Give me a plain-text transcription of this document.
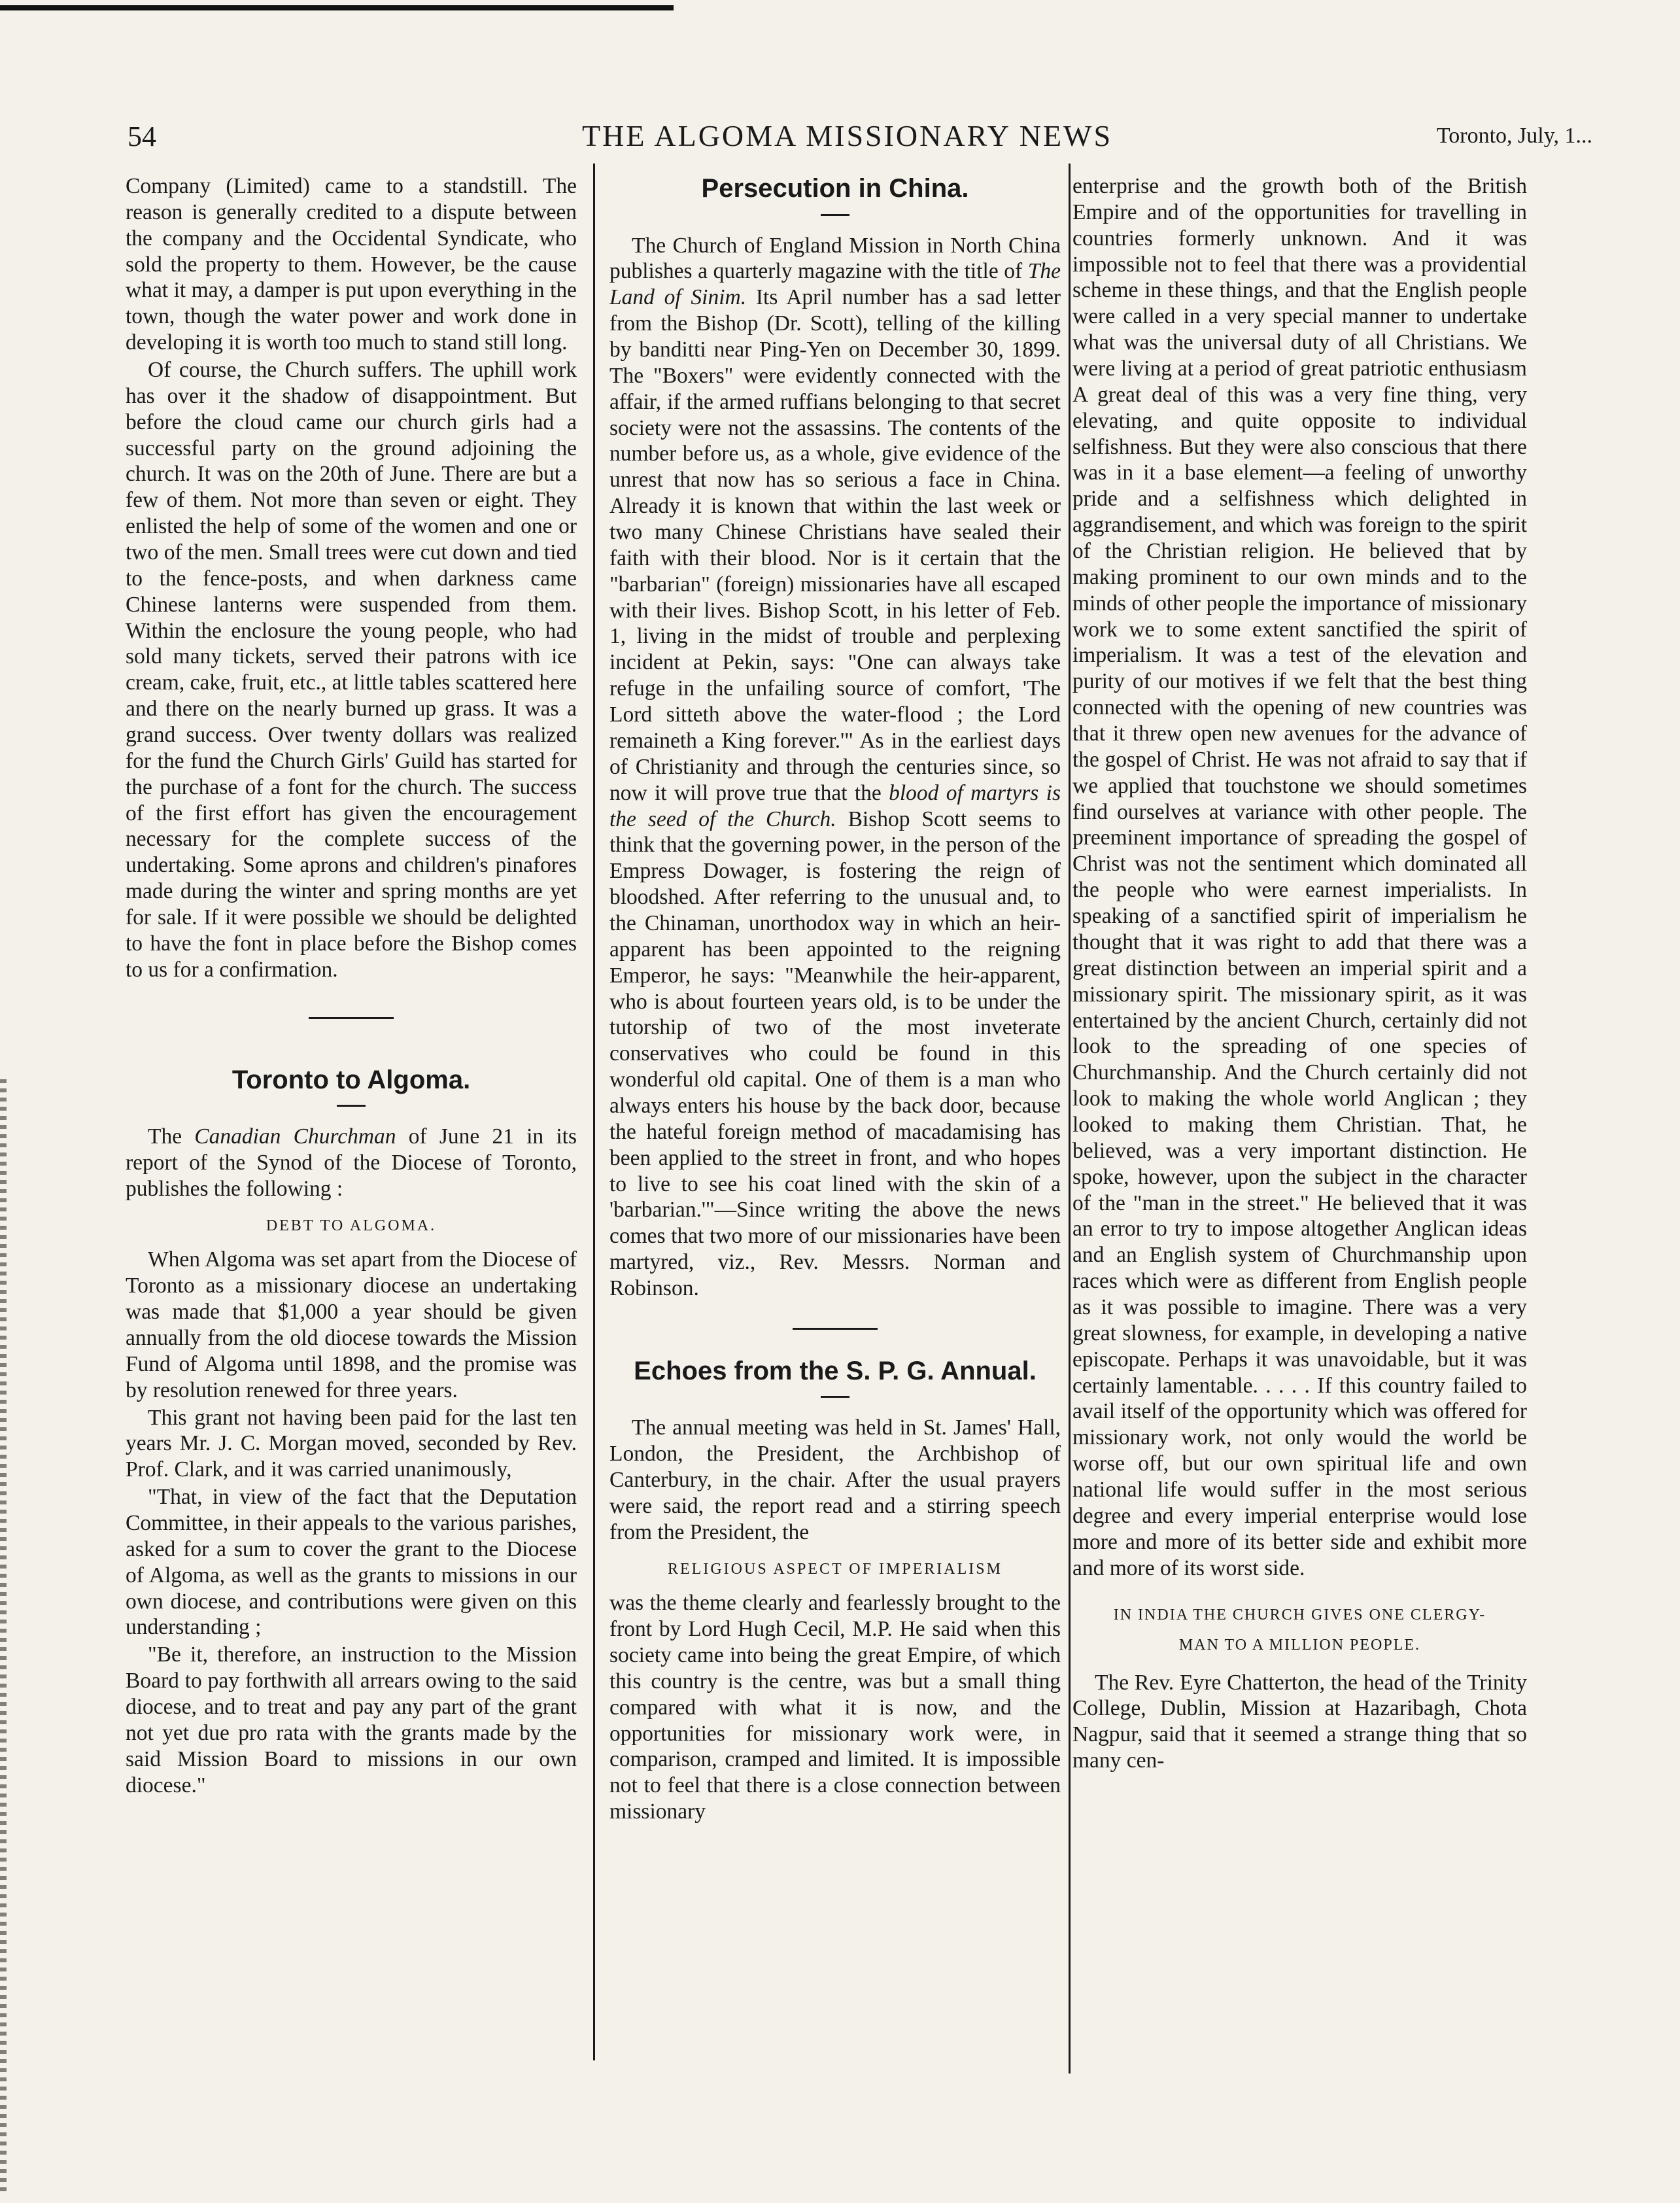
54	THE ALGOMA MISSIONARY NEWS	Toronto, July, 1...

Company (Limited) came to a standstill. The reason is generally credited to a dispute between the company and the Occidental Syndicate, who sold the property to them. However, be the cause what it may, a damper is put upon everything in the town, though the water power and work done in developing it is worth too much to stand still long.

Of course, the Church suffers. The uphill work has over it the shadow of disappointment. But before the cloud came our church girls had a successful party on the ground adjoining the church. It was on the 20th of June. There are but a few of them. Not more than seven or eight. They enlisted the help of some of the women and one or two of the men. Small trees were cut down and tied to the fence-posts, and when darkness came Chinese lanterns were suspended from them. Within the enclosure the young people, who had sold many tickets, served their patrons with ice cream, cake, fruit, etc., at little tables scattered here and there on the nearly burned up grass. It was a grand success. Over twenty dollars was realized for the fund the Church Girls' Guild has started for the purchase of a font for the church. The success of the first effort has given the encouragement necessary for the complete success of the undertaking. Some aprons and children's pinafores made during the winter and spring months are yet for sale. If it were possible we should be delighted to have the font in place before the Bishop comes to us for a confirmation.

Toronto to Algoma.

The Canadian Churchman of June 21 in its report of the Synod of the Diocese of Toronto, publishes the following :

DEBT TO ALGOMA.

When Algoma was set apart from the Diocese of Toronto as a missionary diocese an undertaking was made that $1,000 a year should be given annually from the old diocese towards the Mission Fund of Algoma until 1898, and the promise was by resolution renewed for three years.

This grant not having been paid for the last ten years Mr. J. C. Morgan moved, seconded by Rev. Prof. Clark, and it was carried unanimously,

"That, in view of the fact that the Deputation Committee, in their appeals to the various parishes, asked for a sum to cover the grant to the Diocese of Algoma, as well as the grants to missions in our own diocese, and contributions were given on this understanding ;

"Be it, therefore, an instruction to the Mission Board to pay forthwith all arrears owing to the said diocese, and to treat and pay any part of the grant not yet due pro rata with the grants made by the said Mission Board to missions in our own diocese."

Persecution in China.

The Church of England Mission in North China publishes a quarterly magazine with the title of The Land of Sinim. Its April number has a sad letter from the Bishop (Dr. Scott), telling of the killing by banditti near Ping-Yen on December 30, 1899. The "Boxers" were evidently connected with the affair, if the armed ruffians belonging to that secret society were not the assassins. The contents of the number before us, as a whole, give evidence of the unrest that now has so serious a face in China. Already it is known that within the last week or two many Chinese Christians have sealed their faith with their blood. Nor is it certain that the "barbarian" (foreign) missionaries have all escaped with their lives. Bishop Scott, in his letter of Feb. 1, living in the midst of trouble and perplexing incident at Pekin, says: "One can always take refuge in the unfailing source of comfort, 'The Lord sitteth above the water-flood ; the Lord remaineth a King forever.'" As in the earliest days of Christianity and through the centuries since, so now it will prove true that the blood of martyrs is the seed of the Church. Bishop Scott seems to think that the governing power, in the person of the Empress Dowager, is fostering the reign of bloodshed. After referring to the unusual and, to the Chinaman, unorthodox way in which an heir-apparent has been appointed to the reigning Emperor, he says: "Meanwhile the heir-apparent, who is about fourteen years old, is to be under the tutorship of two of the most inveterate conservatives who could be found in this wonderful old capital. One of them is a man who always enters his house by the back door, because the hateful foreign method of macadamising has been applied to the street in front, and who hopes to live to see his coat lined with the skin of a 'barbarian.'"—Since writing the above the news comes that two more of our missionaries have been martyred, viz., Rev. Messrs. Norman and Robinson.

Echoes from the S. P. G. Annual.

The annual meeting was held in St. James' Hall, London, the President, the Archbishop of Canterbury, in the chair. After the usual prayers were said, the report read and a stirring speech from the President, the

RELIGIOUS ASPECT OF IMPERIALISM

was the theme clearly and fearlessly brought to the front by Lord Hugh Cecil, M.P. He said when this society came into being the great Empire, of which this country is the centre, was but a small thing compared with what it is now, and the opportunities for missionary work were, in comparison, cramped and limited. It is impossible not to feel that there is a close connection between missionary

enterprise and the growth both of the British Empire and of the opportunities for travelling in countries formerly unknown. And it was impossible not to feel that there was a providential scheme in these things, and that the English people were called in a very special manner to undertake what was the universal duty of all Christians. We were living at a period of great patriotic enthusiasm A great deal of this was a very fine thing, very elevating, and quite opposite to individual selfishness. But they were also conscious that there was in it a base element—a feeling of unworthy pride and a selfishness which delighted in aggrandisement, and which was foreign to the spirit of the Christian religion. He believed that by making prominent to our own minds and to the minds of other people the importance of missionary work we to some extent sanctified the spirit of imperialism. It was a test of the elevation and purity of our motives if we felt that the best thing connected with the opening of new countries was that it threw open new avenues for the advance of the gospel of Christ. He was not afraid to say that if we applied that touchstone we should sometimes find ourselves at variance with other people. The preeminent importance of spreading the gospel of Christ was not the sentiment which dominated all the people who were earnest imperialists. In speaking of a sanctified spirit of imperialism he thought that it was right to add that there was a great distinction between an imperial spirit and a missionary spirit. The missionary spirit, as it was entertained by the ancient Church, certainly did not look to the spreading of one species of Churchmanship. And the Church certainly did not look to making the whole world Anglican ; they looked to making them Christian. That, he believed, was a very important distinction. He spoke, however, upon the subject in the character of the "man in the street." He believed that it was an error to try to impose altogether Anglican ideas and an English system of Churchmanship upon races which were as different from English people as it was possible to imagine. There was a very great slowness, for example, in developing a native episcopate. Perhaps it was unavoidable, but it was certainly lamentable. . . . . If this country failed to avail itself of the opportunity which was offered for missionary work, not only would the world be worse off, but our own spiritual life and own national life would suffer in the most serious degree and every imperial enterprise would lose more and more of its better side and exhibit more and more of its worst side.

IN INDIA THE CHURCH GIVES ONE CLERGY-
MAN TO A MILLION PEOPLE.

The Rev. Eyre Chatterton, the head of the Trinity College, Dublin, Mission at Hazaribagh, Chota Nagpur, said that it seemed a strange thing that so many cen-
